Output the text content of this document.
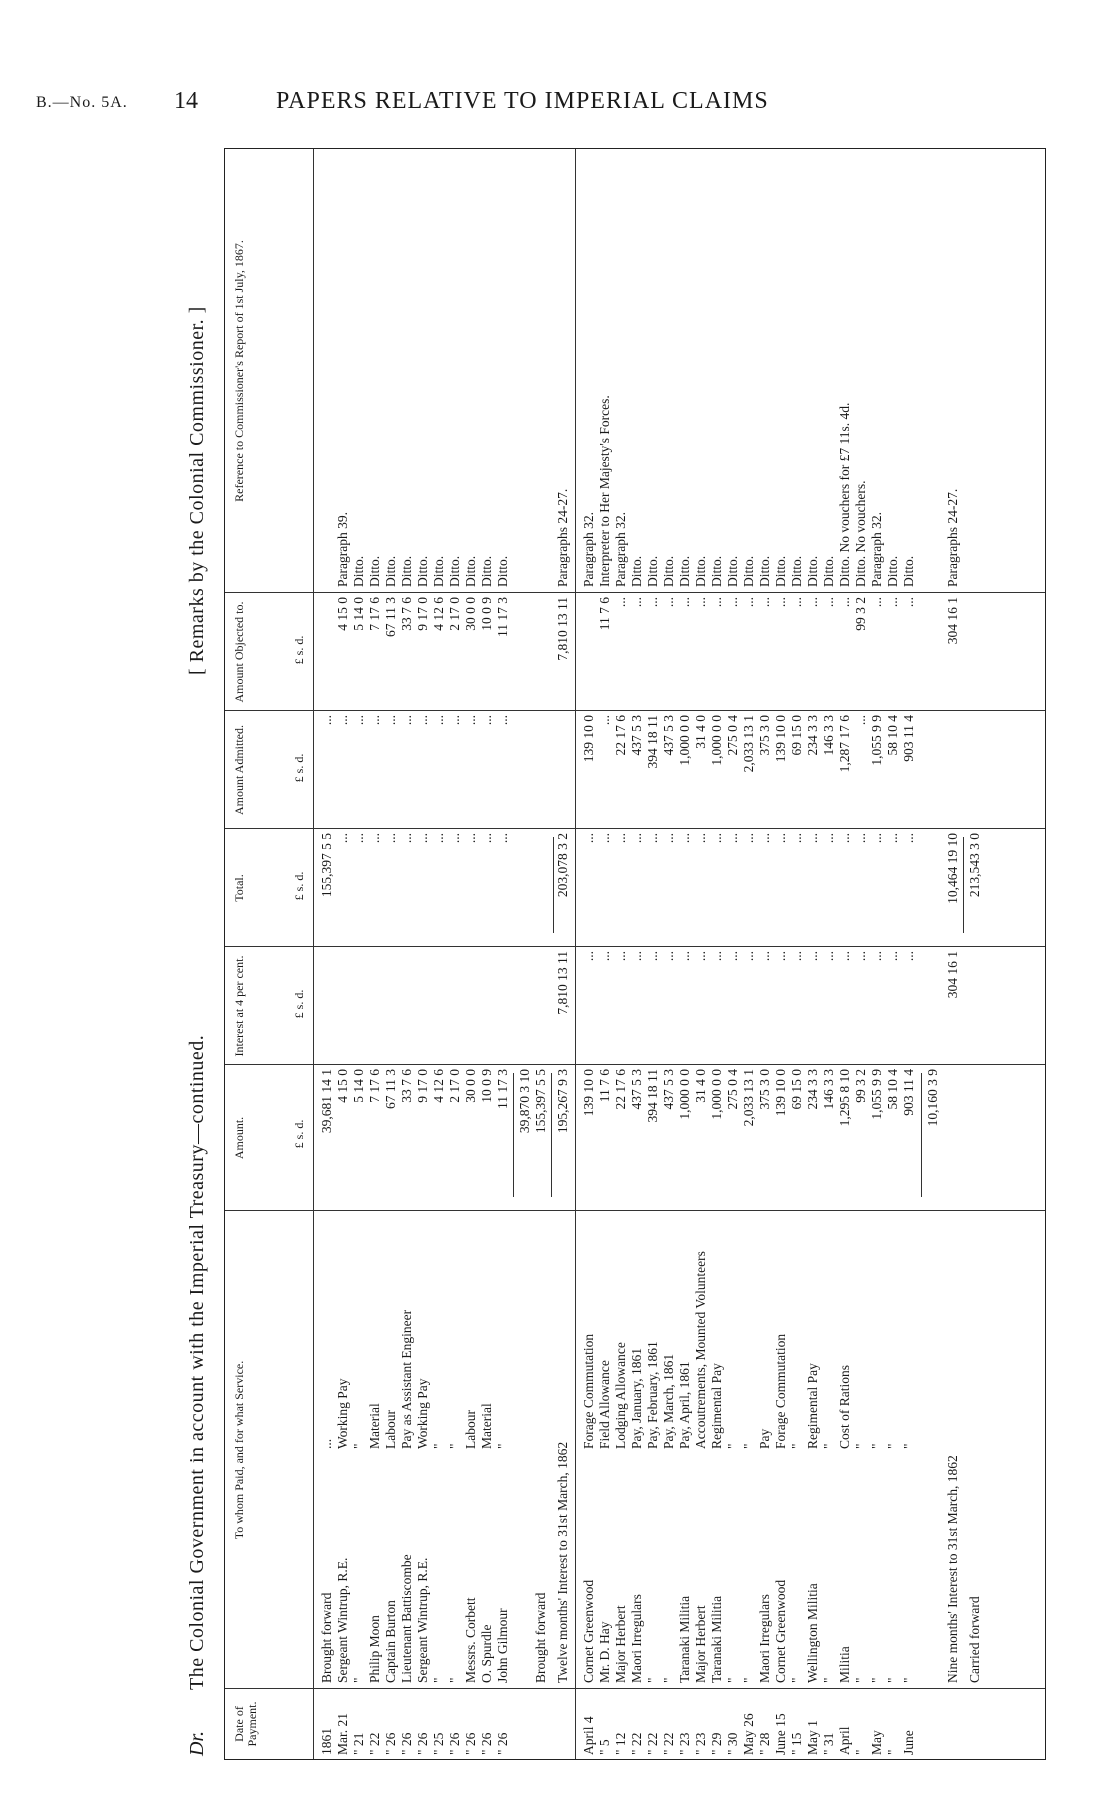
B.—No. 5A. 14	PAPERS RELATIVE TO IMPERIAL CLAIMS
Dr.
The Colonial Government in account with the Imperial Treasury—continued.
[ Remarks by the Colonial Commissioner. ]
Date of Payment.
To whom Paid, and for what Service.
Amount.
Interest at 4 per cent.
Total.
Amount Admitted.
Amount Objected to.
Reference to Commissioner's Report of 1st July, 1867.
£ s. d.
£ s. d.
£ s. d.
£ s. d.
£ s. d.
1861
Brought forward
...
39,681 14 1
155,397 5 5
...
Mar. 21
Sergeant Wintrup, R.E.
Working Pay
4 15 0
...
...
4 15 0
Paragraph 39.
" 21
"
"
5 14 0
...
...
5 14 0
Ditto.
" 22
Philip Moon
Material
7 17 6
...
...
7 17 6
Ditto.
" 26
Captain Burton
Labour
67 11 3
...
...
67 11 3
Ditto.
" 26
Lieutenant Battiscombe
Pay as Assistant Engineer
33 7 6
...
...
33 7 6
Ditto.
" 26
Sergeant Wintrup, R.E.
Working Pay
9 17 0
...
...
9 17 0
Ditto.
" 25
"
"
4 12 6
...
...
4 12 6
Ditto.
" 26
"
"
2 17 0
...
...
2 17 0
Ditto.
" 26
Messrs. Corbett
Labour
30 0 0
...
...
30 0 0
Ditto.
" 26
O. Spurdle
Material
10 0 9
...
...
10 0 9
Ditto.
" 26
John Gilmour
"
11 17 3
...
...
11 17 3
Ditto.
39,870 3 10
Brought forward
155,397 5 5 195,267 9 3
Twelve months' Interest to 31st March, 1862
7,810 13 11
203,078 3 2
7,810 13 11
Paragraphs 24-27.
April 4
Cornet Greenwood
Forage Commutation
139 10 0
...
...
139 10 0
Paragraph 32.
" 5
Mr. D. Hay
Field Allowance
11 7 6
...
...
...
11 7 6
Interpreter to Her Majesty's Forces.
" 12
Major Herbert
Lodging Allowance
22 17 6
...
...
22 17 6
...
Paragraph 32.
" 22
Maori Irregulars
Pay, January, 1861
437 5 3
...
...
437 5 3
...
Ditto.
" 22
"
Pay, February, 1861
394 18 11
...
...
394 18 11
...
Ditto.
" 22
"
Pay, March, 1861
437 5 3
...
...
437 5 3
...
Ditto.
" 23
Taranaki Militia
Pay, April, 1861
1,000 0 0
...
...
1,000 0 0
...
Ditto.
" 23
Major Herbert
Accoutrements, Mounted Volunteers
31 4 0
...
...
31 4 0
...
Ditto.
" 29
Taranaki Militia
Regimental Pay
1,000 0 0
...
...
1,000 0 0
...
Ditto.
" 30
"
"
275 0 4
...
...
275 0 4
...
Ditto.
May 26
"
"
2,033 13 1
...
...
2,033 13 1
...
Ditto.
" 28
Maori Irregulars
Pay
375 3 0
...
...
375 3 0
...
Ditto.
June 15
Cornet Greenwood
Forage Commutation
139 10 0
...
...
139 10 0
...
Ditto.
" 15
"
"
69 15 0
...
...
69 15 0
...
Ditto.
May 1
Wellington Militia
Regimental Pay
234 3 3
...
...
234 3 3
...
Ditto.
" 31
"
"
146 3 3
...
...
146 3 3
...
Ditto.
April
Militia
Cost of Rations
1,295 8 10
...
...
1,287 17 6
...
Ditto. No vouchers for £7 11s. 4d.
"
"
"
99 3 2
...
...
...
99 3 2
Ditto. No vouchers.
May
"
"
1,055 9 9
...
...
1,055 9 9
...
Paragraph 32.
"
"
"
58 10 4
...
...
58 10 4
...
Ditto.
June
"
"
903 11 4
...
...
903 11 4
...
Ditto.
10,160 3 9
Nine months' Interest to 31st March, 1862
304 16 1
10,464 19 10
304 16 1
Paragraphs 24-27.
Carried forward
213,543 3 0
